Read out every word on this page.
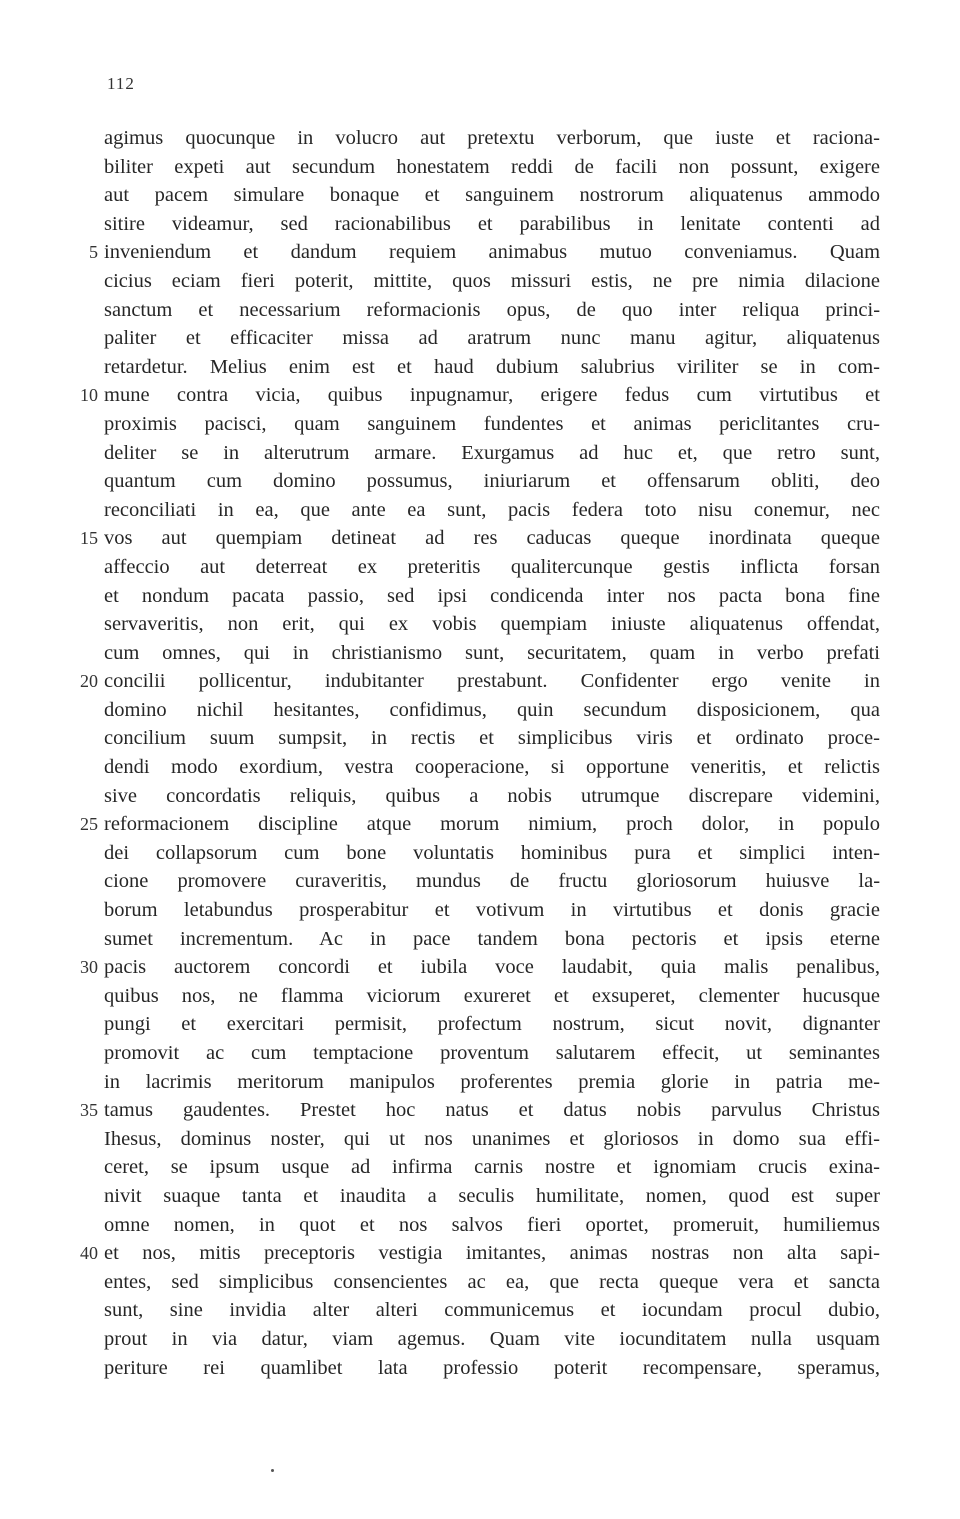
112
agimus quocunque in volucro aut pretextu verborum, que iuste et raciona-
biliter expeti aut secundum honestatem reddi de facili non possunt, exigere
aut pacem simulare bonaque et sanguinem nostrorum aliquatenus ammodo
sitire videamur, sed racionabilibus et parabilibus in lenitate contenti ad
5 inveniendum et dandum requiem animabus mutuo conveniamus. Quam
cicius eciam fieri poterit, mittite, quos missuri estis, ne pre nimia dilacione
sanctum et necessarium reformacionis opus, de quo inter reliqua princi-
paliter et efficaciter missa ad aratrum nunc manu agitur, aliquatenus
retardetur. Melius enim est et haud dubium salubrius viriliter se in com-
10 mune contra vicia, quibus inpugnamur, erigere fedus cum virtutibus et
proximis pacisci, quam sanguinem fundentes et animas periclitantes cru-
deliter se in alterutrum armare. Exurgamus ad huc et, que retro sunt,
quantum cum domino possumus, iniuriarum et offensarum obliti, deo
reconciliati in ea, que ante ea sunt, pacis federa toto nisu conemur, nec
15 vos aut quempiam detineat ad res caducas queque inordinata queque
affeccio aut deterreat ex preteritis qualitercunque gestis inflicta forsan
et nondum pacata passio, sed ipsi condicenda inter nos pacta bona fine
servaveritis, non erit, qui ex vobis quempiam iniuste aliquatenus offendat,
cum omnes, qui in christianismo sunt, securitatem, quam in verbo prefati
20 concilii pollicentur, indubitanter prestabunt. Confidenter ergo venite in
domino nichil hesitantes, confidimus, quin secundum disposicionem, qua
concilium suum sumpsit, in rectis et simplicibus viris et ordinato proce-
dendi modo exordium, vestra cooperacione, si opportune veneritis, et relictis
sive concordatis reliquis, quibus a nobis utrumque discrepare videmini,
25 reformacionem discipline atque morum nimium, proch dolor, in populo
dei collapsorum cum bone voluntatis hominibus pura et simplici inten-
cione promovere curaveritis, mundus de fructu gloriosorum huiusve la-
borum letabundus prosperabitur et votivum in virtutibus et donis gracie
sumet incrementum. Ac in pace tandem bona pectoris et ipsis eterne
30 pacis auctorem concordi et iubila voce laudabit, quia malis penalibus,
quibus nos, ne flamma viciorum exureret et exsuperet, clementer hucusque
pungi et exercitari permisit, profectum nostrum, sicut novit, dignanter
promovit ac cum temptacione proventum salutarem effecit, ut seminantes
in lacrimis meritorum manipulos proferentes premia glorie in patria me-
35 tamus gaudentes. Prestet hoc natus et datus nobis parvulus Christus
Ihesus, dominus noster, qui ut nos unanimes et gloriosos in domo sua effi-
ceret, se ipsum usque ad infirma carnis nostre et ignomiam crucis exina-
nivit suaque tanta et inaudita a seculis humilitate, nomen, quod est super
omne nomen, in quot et nos salvos fieri oportet, promeruit, humiliemus
40 et nos, mitis preceptoris vestigia imitantes, animas nostras non alta sapi-
entes, sed simplicibus consencientes ac ea, que recta queque vera et sancta
sunt, sine invidia alter alteri communicemus et iocundam procul dubio,
prout in via datur, viam agemus. Quam vite iocunditatem nulla usquam
periture rei quamlibet lata professio poterit recompensare, speramus,
